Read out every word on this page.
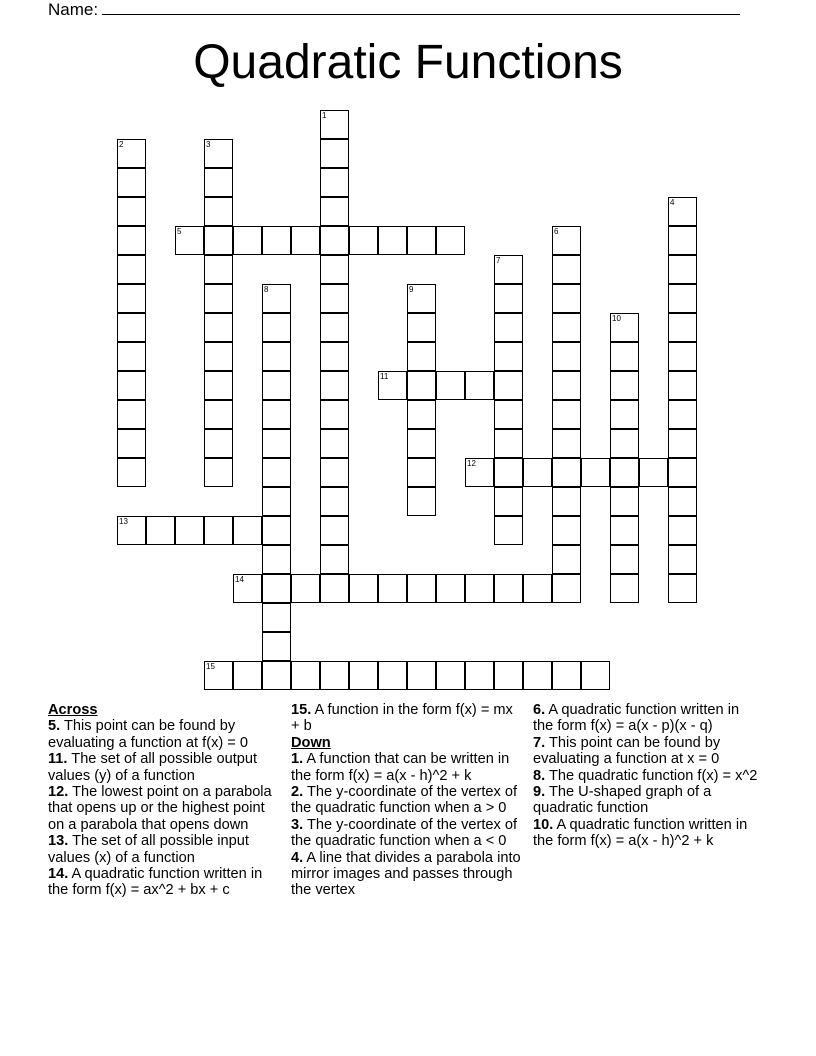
Name:
Quadratic Functions
1
2	3
4
5	6
7
8	9
10
11
12
13
14
15
Across
5. This point can be found by evaluating a function at f(x) = 0
11. The set of all possible output values (y) of a function
12. The lowest point on a parabola that opens up or the highest point on a parabola that opens down
13. The set of all possible input values (x) of a function
14. A quadratic function written in the form f(x) = ax^2 + bx + c
15. A function in the form f(x) = mx + b
Down
1. A function that can be written in the form f(x) = a(x - h)^2 + k
2. The y-coordinate of the vertex of the quadratic function when a > 0
3. The y-coordinate of the vertex of the quadratic function when a < 0
4. A line that divides a parabola into mirror images and passes through the vertex
6. A quadratic function written in the form f(x) = a(x - p)(x - q)
7. This point can be found by evaluating a function at x = 0
8. The quadratic function f(x) = x^2
9. The U-shaped graph of a quadratic function
10. A quadratic function written in the form f(x) = a(x - h)^2 + k
